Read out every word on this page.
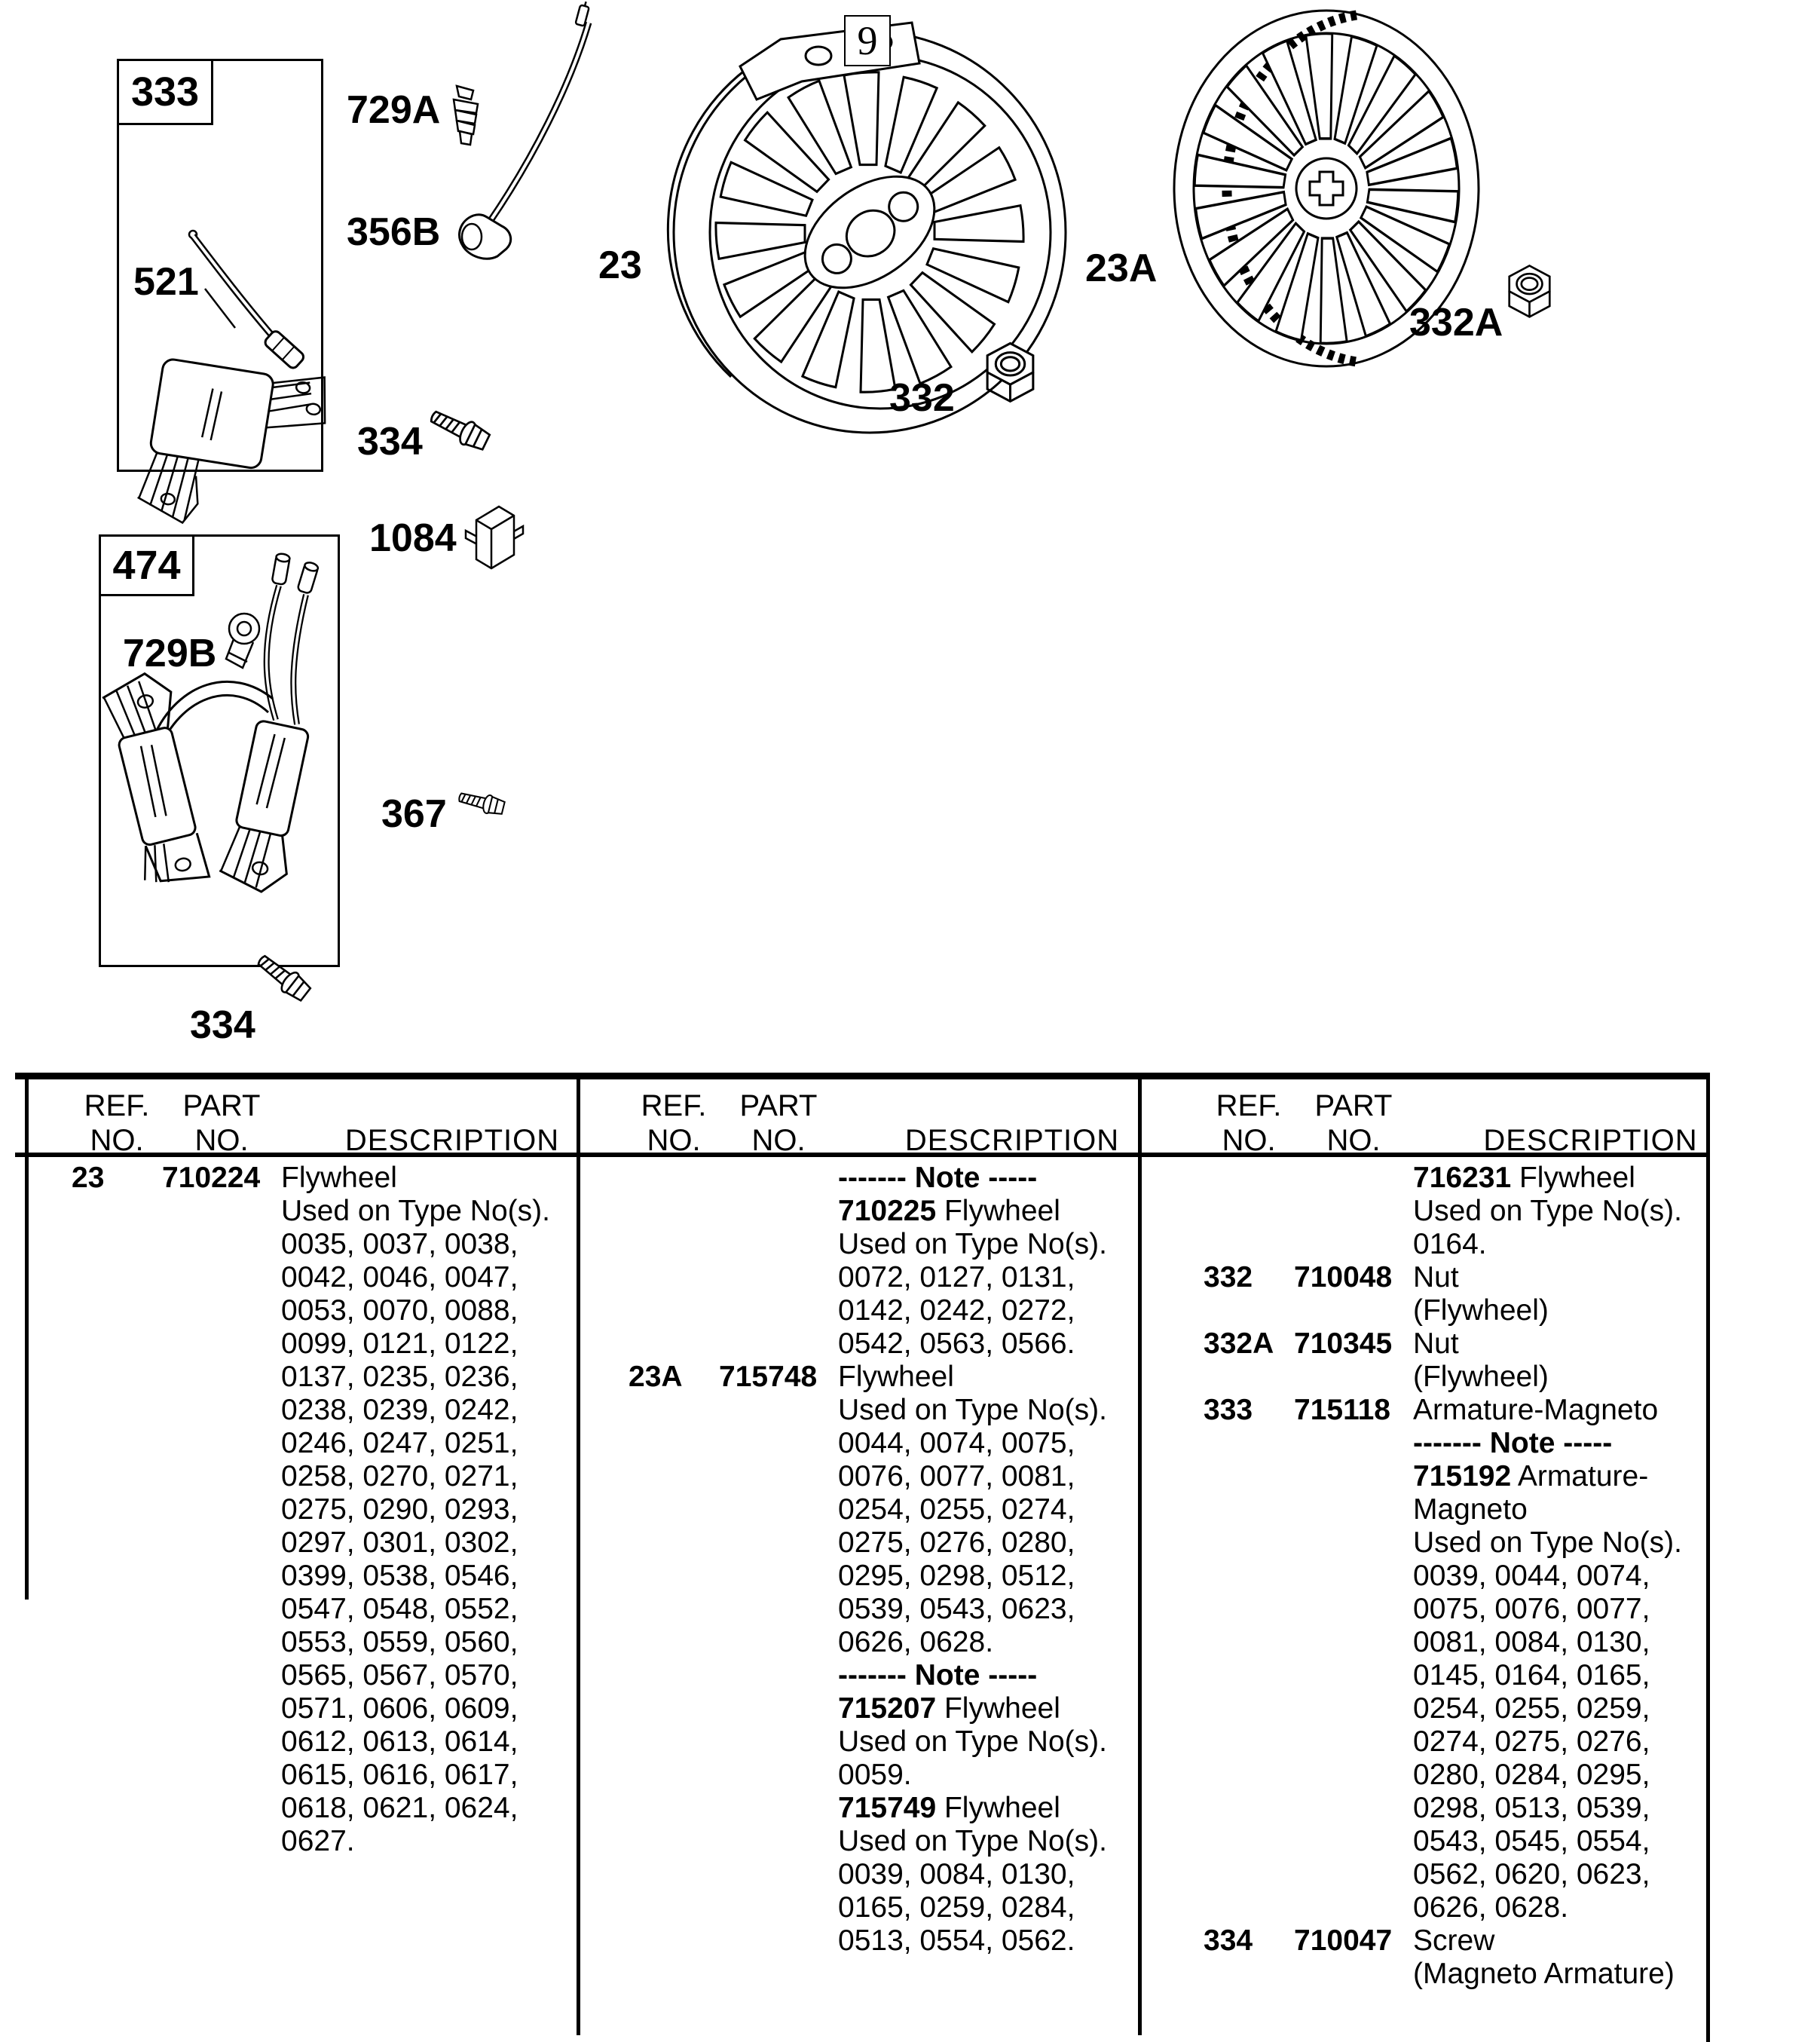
333
521
729A
356B
23
9
332
23A
332A
334
1084
474
729B
367
334
REF.
NO.
PART
NO.	DESCRIPTION
REF.
NO.
PART
NO.	DESCRIPTION
REF.
NO.
PART
NO.	DESCRIPTION
23	710224 Flywheel
Used on Type No(s).
0035, 0037, 0038,
0042, 0046, 0047,
0053, 0070, 0088,
0099, 0121, 0122,
0137, 0235, 0236,
0238, 0239, 0242,
0246, 0247, 0251,
0258, 0270, 0271,
0275, 0290, 0293,
0297, 0301, 0302,
0399, 0538, 0546,
0547, 0548, 0552,
0553, 0559, 0560,
0565, 0567, 0570,
0571, 0606, 0609,
0612, 0613, 0614,
0615, 0616, 0617,
0618, 0621, 0624,
0627.
------- Note -----
710225 Flywheel
Used on Type No(s).
0072, 0127, 0131,
0142, 0242, 0272,
0542, 0563, 0566.
23A	715748 Flywheel
Used on Type No(s).
0044, 0074, 0075,
0076, 0077, 0081,
0254, 0255, 0274,
0275, 0276, 0280,
0295, 0298, 0512,
0539, 0543, 0623,
0626, 0628.
------- Note -----
715207 Flywheel
Used on Type No(s).
0059.
715749 Flywheel
Used on Type No(s).
0039, 0084, 0130,
0165, 0259, 0284,
0513, 0554, 0562.
716231 Flywheel
Used on Type No(s).
0164.
332	710048 Nut
(Flywheel)
332A 710345 Nut
(Flywheel)
333	715118 Armature-Magneto
------- Note -----
715192 Armature-
Magneto
Used on Type No(s).
0039, 0044, 0074,
0075, 0076, 0077,
0081, 0084, 0130,
0145, 0164, 0165,
0254, 0255, 0259,
0274, 0275, 0276,
0280, 0284, 0295,
0298, 0513, 0539,
0543, 0545, 0554,
0562, 0620, 0623,
0626, 0628.
334	710047 Screw
(Magneto Armature)
